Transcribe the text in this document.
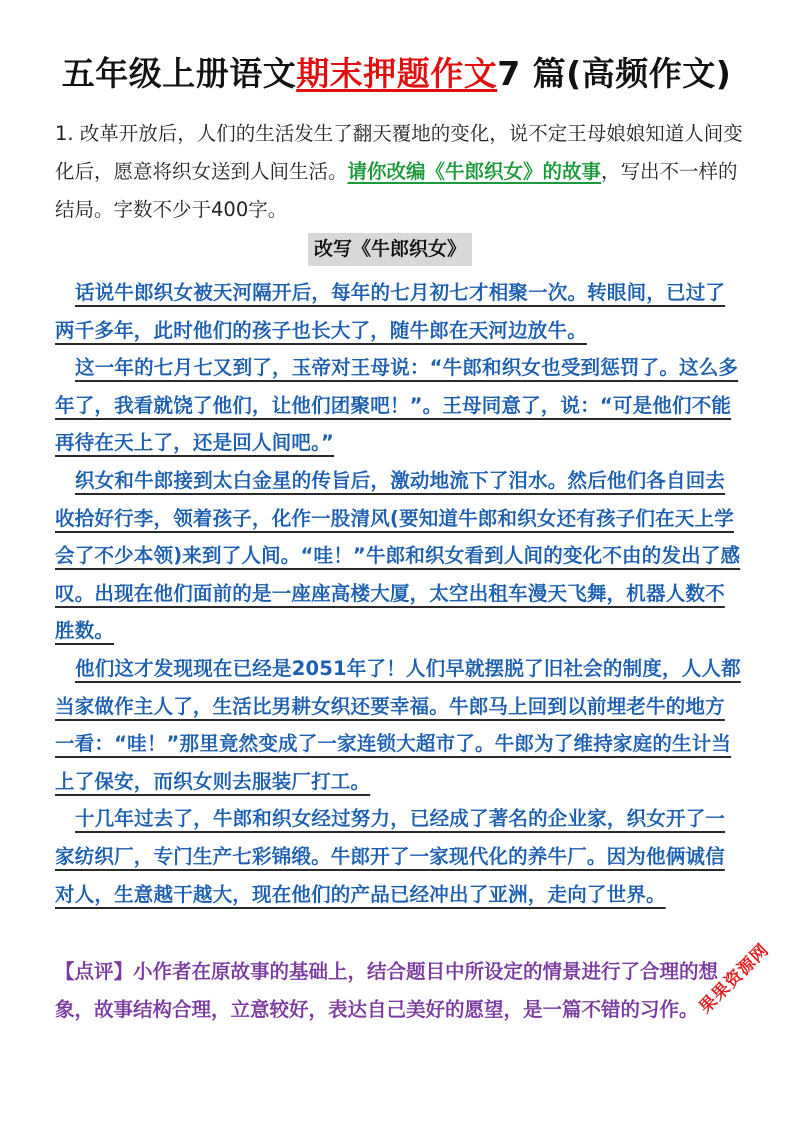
五年级上册语文期末押题作文7 篇(高频作文)
1. 改革开放后，人们的生活发生了翻天覆地的变化，说不定王母娘娘知道人间变化后，愿意将织女送到人间生活。请你改编《牛郎织女》的故事，写出不一样的结局。字数不少于400字。
改写《牛郎织女》

话说牛郎织女被天河隔开后，每年的七月初七才相聚一次。转眼间，已过了两千多年，此时他们的孩子也长大了，随牛郎在天河边放牛。

这一年的七月七又到了，玉帝对王母说：“牛郎和织女也受到惩罚了。这么多年了，我看就饶了他们，让他们团聚吧！”。王母同意了，说：“可是他们不能再待在天上了，还是回人间吧。”

织女和牛郎接到太白金星的传旨后，激动地流下了泪水。然后他们各自回去收拾好行李，领着孩子，化作一股清风(要知道牛郎和织女还有孩子们在天上学会了不少本领)来到了人间。“哇！”牛郎和织女看到人间的变化不由的发出了感叹。出现在他们面前的是一座座高楼大厦，太空出租车漫天飞舞，机器人数不胜数。

他们这才发现现在已经是2051年了！人们早就摆脱了旧社会的制度，人人都当家做作主人了，生活比男耕女织还要幸福。牛郎马上回到以前埋老牛的地方一看：“哇！”那里竟然变成了一家连锁大超市了。牛郎为了维持家庭的生计当上了保安，而织女则去服装厂打工。

十几年过去了，牛郎和织女经过努力，已经成了著名的企业家，织女开了一家纺织厂，专门生产七彩锦缎。牛郎开了一家现代化的养牛厂。因为他俩诚信对人，生意越干越大，现在他们的产品已经冲出了亚洲，走向了世界。

【点评】小作者在原故事的基础上，结合题目中所设定的情景进行了合理的想象，故事结构合理，立意较好，表达自己美好的愿望，是一篇不错的习作。
果果资源网
